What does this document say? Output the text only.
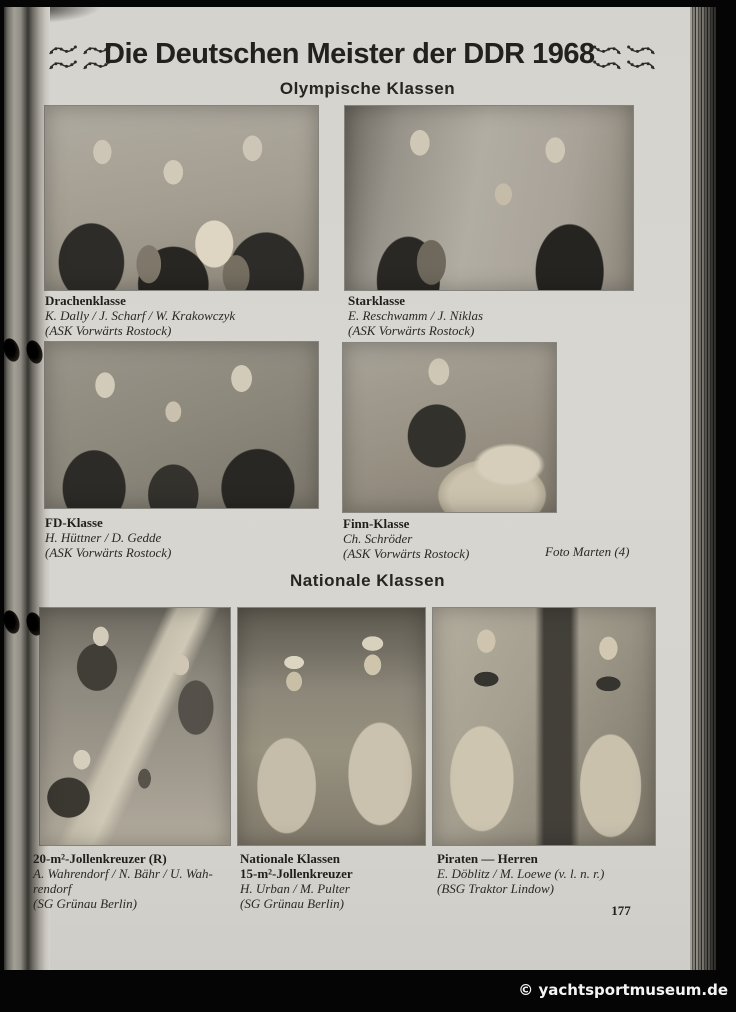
Die Deutschen Meister der DDR 1968
Olympische Klassen
Drachenklasse
K. Dally / J. Scharf / W. Krakowczyk
(ASK Vorwärts Rostock)
Starklasse
E. Reschwamm / J. Niklas
(ASK Vorwärts Rostock)
FD-Klasse
H. Hüttner / D. Gedde
(ASK Vorwärts Rostock)
Finn-Klasse
Ch. Schröder
(ASK Vorwärts Rostock)	Foto Marten (4)
Nationale Klassen
20-m²-Jollenkreuzer (R)
A. Wahrendorf / N. Bähr / U. Wah-
rendorf
(SG Grünau Berlin)
Nationale Klassen
15-m²-Jollenkreuzer
H. Urban / M. Pulter
(SG Grünau Berlin)
Piraten — Herren
E. Döblitz / M. Loewe (v. l. n. r.)
(BSG Traktor Lindow)
177
© yachtsportmuseum.de
